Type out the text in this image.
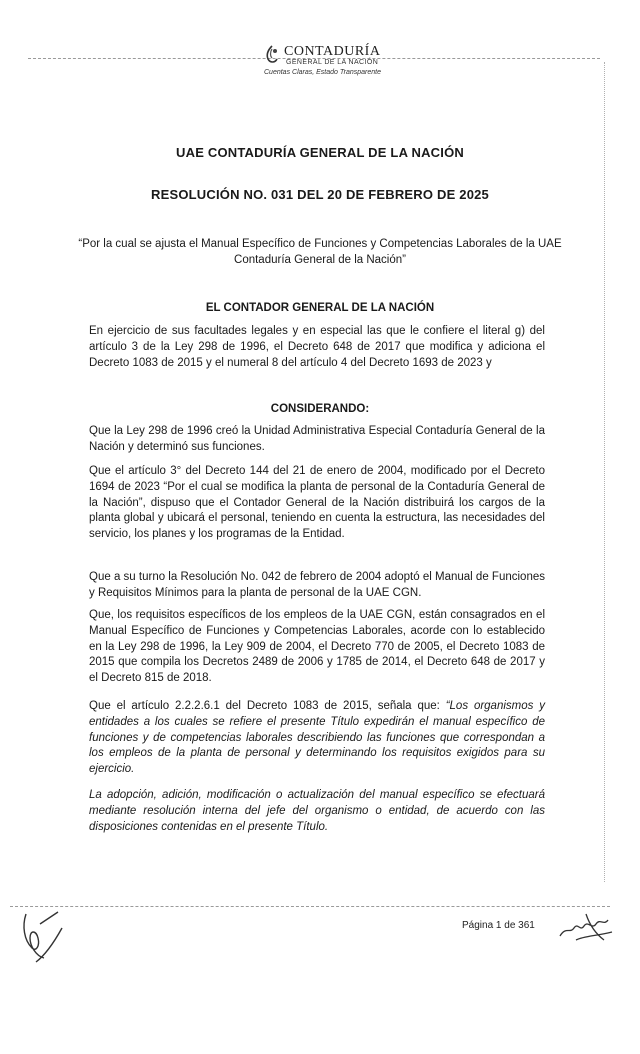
CONTADURÍA
GENERAL DE LA NACIÓN
Cuentas Claras, Estado Transparente
UAE CONTADURÍA GENERAL DE LA NACIÓN
RESOLUCIÓN NO. 031 DEL 20 DE FEBRERO DE 2025
“Por la cual se ajusta el Manual Específico de Funciones y Competencias Laborales de la UAE Contaduría General de la Nación”
EL CONTADOR GENERAL DE LA NACIÓN
En ejercicio de sus facultades legales y en especial las que le confiere el literal g) del artículo 3 de la Ley 298 de 1996, el Decreto 648 de 2017 que modifica y adiciona el Decreto 1083 de 2015 y el numeral 8 del artículo 4 del Decreto 1693 de 2023 y
CONSIDERANDO:
Que la Ley 298 de 1996 creó la Unidad Administrativa Especial Contaduría General de la Nación y determinó sus funciones.
Que el artículo 3° del Decreto 144 del 21 de enero de 2004, modificado por el Decreto 1694 de 2023 “Por el cual se modifica la planta de personal de la Contaduría General de la Nación”, dispuso que el Contador General de la Nación distribuirá los cargos de la planta global y ubicará el personal, teniendo en cuenta la estructura, las necesidades del servicio, los planes y los programas de la Entidad.
Que a su turno la Resolución No. 042 de febrero de 2004 adoptó el Manual de Funciones y Requisitos Mínimos para la planta de personal de la UAE CGN.
Que, los requisitos específicos de los empleos de la UAE CGN, están consagrados en el Manual Específico de Funciones y Competencias Laborales, acorde con lo establecido en la Ley 298 de 1996, la Ley 909 de 2004, el Decreto 770 de 2005, el Decreto 1083 de 2015 que compila los Decretos 2489 de 2006 y 1785 de 2014, el Decreto 648 de 2017 y el Decreto 815 de 2018.
Que el artículo 2.2.2.6.1 del Decreto 1083 de 2015, señala que: “Los organismos y entidades a los cuales se refiere el presente Título expedirán el manual específico de funciones y de competencias laborales describiendo las funciones que correspondan a los empleos de la planta de personal y determinando los requisitos exigidos para su ejercicio.
La adopción, adición, modificación o actualización del manual específico se efectuará mediante resolución interna del jefe del organismo o entidad, de acuerdo con las disposiciones contenidas en el presente Título.
Página 1 de 361
